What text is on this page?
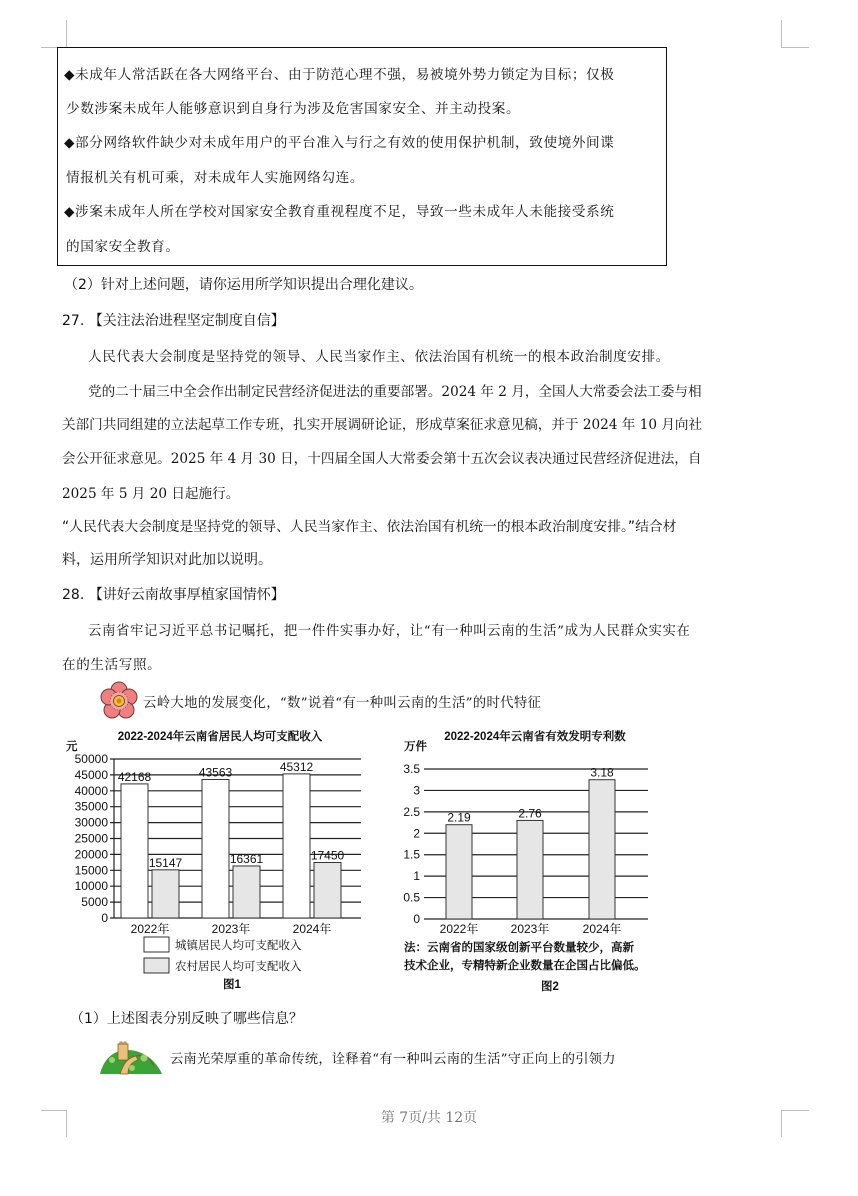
◆未成年人常活跃在各大网络平台、由于防范心理不强，易被境外势力锁定为目标；仅极
少数涉案未成年人能够意识到自身行为涉及危害国家安全、并主动投案。
◆部分网络软件缺少对未成年用户的平台准入与行之有效的使用保护机制，致使境外间谍
情报机关有机可乘，对未成年人实施网络勾连。
◆涉案未成年人所在学校对国家安全教育重视程度不足，导致一些未成年人未能接受系统
的国家安全教育。
（2）针对上述问题，请你运用所学知识提出合理化建议。
27. 【关注法治进程坚定制度自信】
人民代表大会制度是坚持党的领导、人民当家作主、依法治国有机统一的根本政治制度安排。
党的二十届三中全会作出制定民营经济促进法的重要部署。2024 年 2 月，全国人大常委会法工委与相
关部门共同组建的立法起草工作专班，扎实开展调研论证，形成草案征求意见稿，并于 2024 年 10 月向社
会公开征求意见。2025 年 4 月 30 日，十四届全国人大常委会第十五次会议表决通过民营经济促进法，自
2025 年 5 月 20 日起施行。
“人民代表大会制度是坚持党的领导、人民当家作主、依法治国有机统一的根本政治制度安排。”结合材
料，运用所学知识对此加以说明。
28. 【讲好云南故事厚植家国情怀】
云南省牢记习近平总书记嘱托，把一件件实事办好，让“有一种叫云南的生活”成为人民群众实实在
在的生活写照。
云岭大地的发展变化，“数”说着“有一种叫云南的生活”的时代特征
2022-2024年云南省居民人均可支配收入
元
0
5000
10000
15000
20000
25000
30000
35000
40000
45000
50000
42168
15147
2022年
43563
16361
2023年
45312
17450
2024年
城镇居民人均可支配收入
农村居民人均可支配收入
图1
2022-2024年云南省有效发明专利数
万件
0
0.5
1
1.5
2
2.5
3
3.5
2.19
2022年
2.76
2023年
3.18
2024年
法：云南省的国家级创新平台数量较少，高新
技术企业，专精特新企业数量在企国占比偏低。
图2
（1）上述图表分别反映了哪些信息？
云南光荣厚重的革命传统，诠释着“有一种叫云南的生活”守正向上的引领力
第 7页/共 12页
